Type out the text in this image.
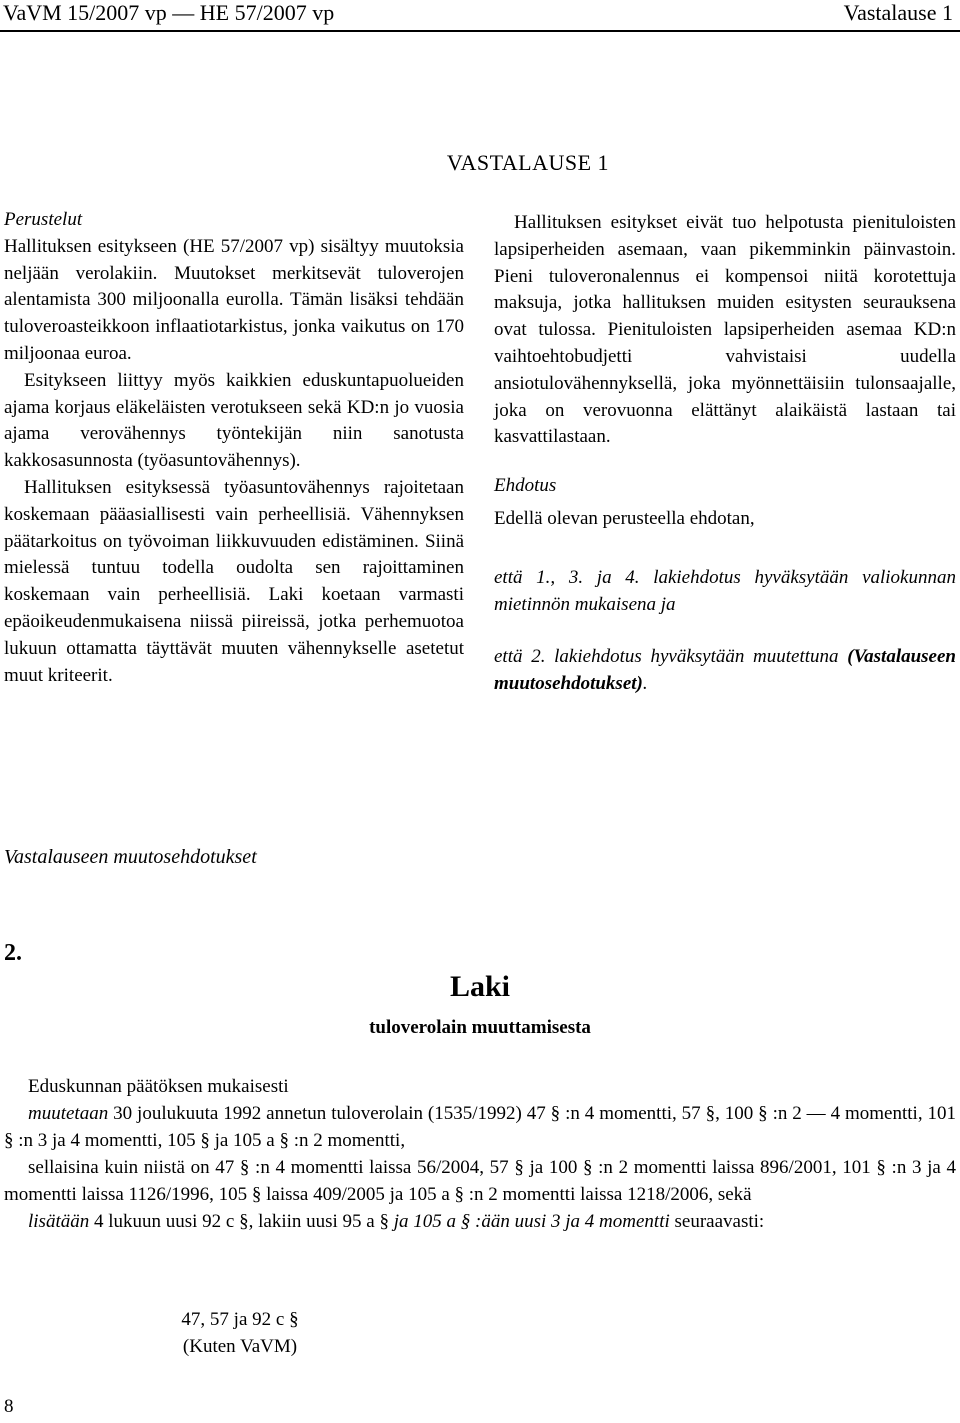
VaVM 15/2007 vp — HE 57/2007 vp	Vastalause 1
VASTALAUSE 1

Perustelut

Hallituksen esitykseen (HE 57/2007 vp) sisältyy muutoksia neljään verolakiin. Muutokset merkitsevät tuloverojen alentamista 300 miljoonalla eurolla. Tämän lisäksi tehdään tuloveroasteikkoon inflaatiotarkistus, jonka vaikutus on 170 miljoonaa euroa.

Esitykseen liittyy myös kaikkien eduskuntapuolueiden ajama korjaus eläkeläisten verotukseen sekä KD:n jo vuosia ajama verovähennys työntekijän niin sanotusta kakkosasunnosta (työasuntovähennys).

Hallituksen esityksessä työasuntovähennys rajoitetaan koskemaan pääasiallisesti vain perheellisiä. Vähennyksen päätarkoitus on työvoiman liikkuvuuden edistäminen. Siinä mielessä tuntuu todella oudolta sen rajoittaminen koskemaan vain perheellisiä. Laki koetaan varmasti epäoikeudenmukaisena niissä piireissä, jotka perhemuotoa lukuun ottamatta täyttävät muuten vähennykselle asetetut muut kriteerit.

Hallituksen esitykset eivät tuo helpotusta pienituloisten lapsiperheiden asemaan, vaan pikemminkin päinvastoin. Pieni tuloveronalennus ei kompensoi niitä korotettuja maksuja, jotka hallituksen muiden esitysten seurauksena ovat tulossa. Pienituloisten lapsiperheiden asemaa KD:n vaihtoehtobudjetti vahvistaisi uudella ansiotulovähennyksellä, joka myönnettäisiin tulonsaajalle, joka on verovuonna elättänyt alaikäistä lastaan tai kasvattilastaan.

Ehdotus

Edellä olevan perusteella ehdotan,

että 1., 3. ja 4. lakiehdotus hyväksytään valiokunnan mietinnön mukaisena ja

että 2. lakiehdotus hyväksytään muutettuna (Vastalauseen muutosehdotukset).

Vastalauseen muutosehdotukset
2.
Laki
tuloverolain muuttamisesta

Eduskunnan päätöksen mukaisesti

muutetaan 30 joulukuuta 1992 annetun tuloverolain (1535/1992) 47 § :n 4 momentti, 57 §, 100 § :n 2 — 4 momentti, 101 § :n 3 ja 4 momentti, 105 § ja 105 a § :n 2 momentti,

sellaisina kuin niistä on 47 § :n 4 momentti laissa 56/2004, 57 § ja 100 § :n 2 momentti laissa 896/2001, 101 § :n 3 ja 4 momentti laissa 1126/1996, 105 § laissa 409/2005 ja 105 a § :n 2 momentti laissa 1218/2006, sekä

lisätään 4 lukuun uusi 92 c §, lakiin uusi 95 a § ja 105 a § :ään uusi 3 ja 4 momentti seuraavasti:

47, 57 ja 92 c §
(Kuten VaVM)
8
